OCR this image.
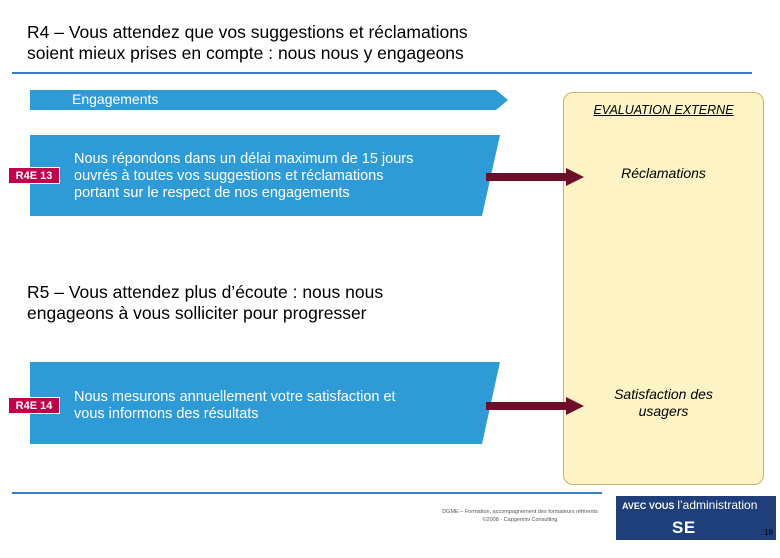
R4 – Vous attendez que vos suggestions et réclamations
soient mieux prises en compte : nous nous y engageons
Engagements
EVALUATION EXTERNE
Réclamations
Satisfaction des
usagers
Nous répondons dans un délai maximum de 15 jours
ouvrés à toutes vos suggestions et réclamations
portant sur le respect de nos engagements
R4E 13
R5 – Vous attendez plus d’écoute : nous nous
engageons à vous solliciter pour progresser
Nous mesurons annuellement votre satisfaction et
vous informons des résultats
R4E 14
DGME – Formation, accompagnement des formateurs référents
©2008 - Capgemini Consulting
AVEC VOUS l’administration
SE MODERNISE
18
